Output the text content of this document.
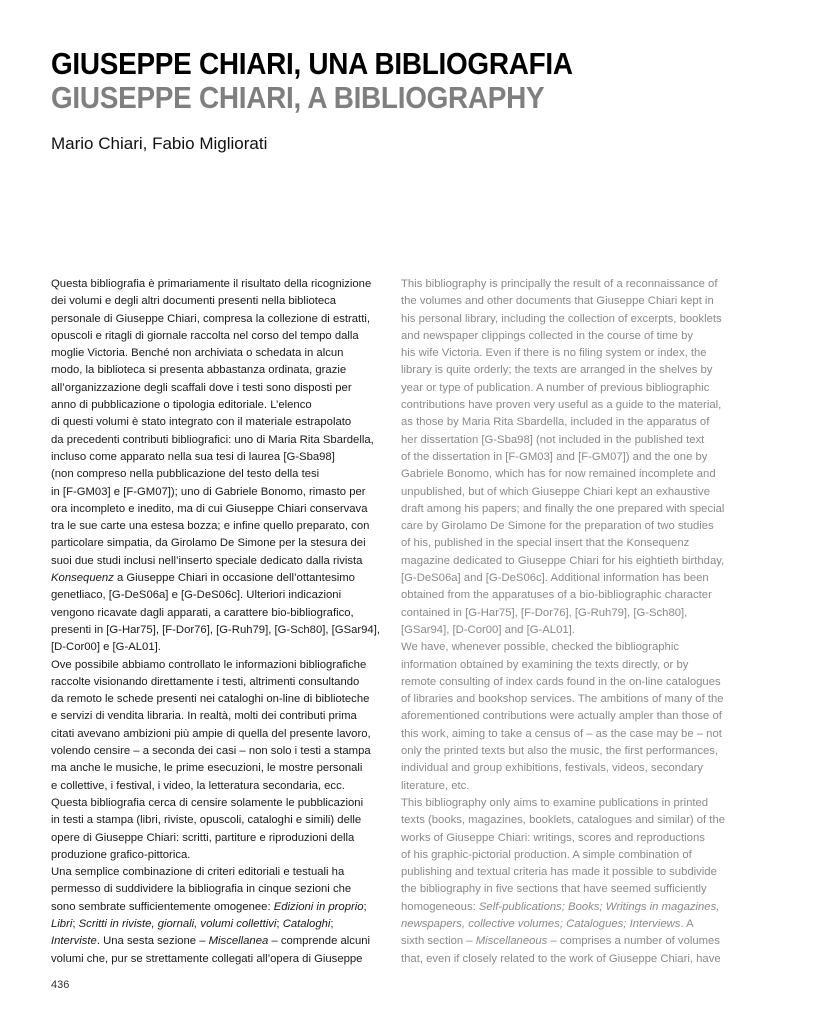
GIUSEPPE CHIARI, UNA BIBLIOGRAFIA
GIUSEPPE CHIARI, A BIBLIOGRAPHY

Mario Chiari, Fabio Migliorati

Questa bibliografia è primariamente il risultato della ricognizione
dei volumi e degli altri documenti presenti nella biblioteca
personale di Giuseppe Chiari, compresa la collezione di estratti,
opuscoli e ritagli di giornale raccolta nel corso del tempo dalla
moglie Victoria. Benché non archiviata o schedata in alcun
modo, la biblioteca si presenta abbastanza ordinata, grazie
all’organizzazione degli scaffali dove i testi sono disposti per
anno di pubblicazione o tipologia editoriale. L’elenco
di questi volumi è stato integrato con il materiale estrapolato
da precedenti contributi bibliografici: uno di Maria Rita Sbardella,
incluso come apparato nella sua tesi di laurea [G-Sba98]
(non compreso nella pubblicazione del testo della tesi
in [F-GM03] e [F-GM07]); uno di Gabriele Bonomo, rimasto per
ora incompleto e inedito, ma di cui Giuseppe Chiari conservava
tra le sue carte una estesa bozza; e infine quello preparato, con
particolare simpatia, da Girolamo De Simone per la stesura dei
suoi due studi inclusi nell’inserto speciale dedicato dalla rivista
Konsequenz a Giuseppe Chiari in occasione dell’ottantesimo
genetliaco, [G-DeS06a] e [G-DeS06c]. Ulteriori indicazioni
vengono ricavate dagli apparati, a carattere bio-bibliografico,
presenti in [G-Har75], [F-Dor76], [G-Ruh79], [G-Sch80], [GSar94],
[D-Cor00] e [G-AL01].
Ove possibile abbiamo controllato le informazioni bibliografiche
raccolte visionando direttamente i testi, altrimenti consultando
da remoto le schede presenti nei cataloghi on-line di biblioteche
e servizi di vendita libraria. In realtà, molti dei contributi prima
citati avevano ambizioni più ampie di quella del presente lavoro,
volendo censire – a seconda dei casi – non solo i testi a stampa
ma anche le musiche, le prime esecuzioni, le mostre personali
e collettive, i festival, i video, la letteratura secondaria, ecc.
Questa bibliografia cerca di censire solamente le pubblicazioni
in testi a stampa (libri, riviste, opuscoli, cataloghi e simili) delle
opere di Giuseppe Chiari: scritti, partiture e riproduzioni della
produzione grafico-pittorica.
Una semplice combinazione di criteri editoriali e testuali ha
permesso di suddividere la bibliografia in cinque sezioni che
sono sembrate sufficientemente omogenee: Edizioni in proprio;
Libri; Scritti in riviste, giornali, volumi collettivi; Cataloghi;
Interviste. Una sesta sezione – Miscellanea – comprende alcuni
volumi che, pur se strettamente collegati all’opera di Giuseppe
This bibliography is principally the result of a reconnaissance of
the volumes and other documents that Giuseppe Chiari kept in
his personal library, including the collection of excerpts, booklets
and newspaper clippings collected in the course of time by
his wife Victoria. Even if there is no filing system or index, the
library is quite orderly; the texts are arranged in the shelves by
year or type of publication. A number of previous bibliographic
contributions have proven very useful as a guide to the material,
as those by Maria Rita Sbardella, included in the apparatus of
her dissertation [G-Sba98] (not included in the published text
of the dissertation in [F-GM03] and [F-GM07]) and the one by
Gabriele Bonomo, which has for now remained incomplete and
unpublished, but of which Giuseppe Chiari kept an exhaustive
draft among his papers; and finally the one prepared with special
care by Girolamo De Simone for the preparation of two studies
of his, published in the special insert that the Konsequenz
magazine dedicated to Giuseppe Chiari for his eightieth birthday,
[G-DeS06a] and [G-DeS06c]. Additional information has been
obtained from the apparatuses of a bio-bibliographic character
contained in [G-Har75], [F-Dor76], [G-Ruh79], [G-Sch80],
[GSar94], [D-Cor00] and [G-AL01].
We have, whenever possible, checked the bibliographic
information obtained by examining the texts directly, or by
remote consulting of index cards found in the on-line catalogues
of libraries and bookshop services. The ambitions of many of the
aforementioned contributions were actually ampler than those of
this work, aiming to take a census of – as the case may be – not
only the printed texts but also the music, the first performances,
individual and group exhibitions, festivals, videos, secondary
literature, etc.
This bibliography only aims to examine publications in printed
texts (books, magazines, booklets, catalogues and similar) of the
works of Giuseppe Chiari: writings, scores and reproductions
of his graphic-pictorial production. A simple combination of
publishing and textual criteria has made it possible to subdivide
the bibliography in five sections that have seemed sufficiently
homogeneous: Self-publications; Books; Writings in magazines,
newspapers, collective volumes; Catalogues; Interviews. A
sixth section – Miscellaneous – comprises a number of volumes
that, even if closely related to the work of Giuseppe Chiari, have
436
